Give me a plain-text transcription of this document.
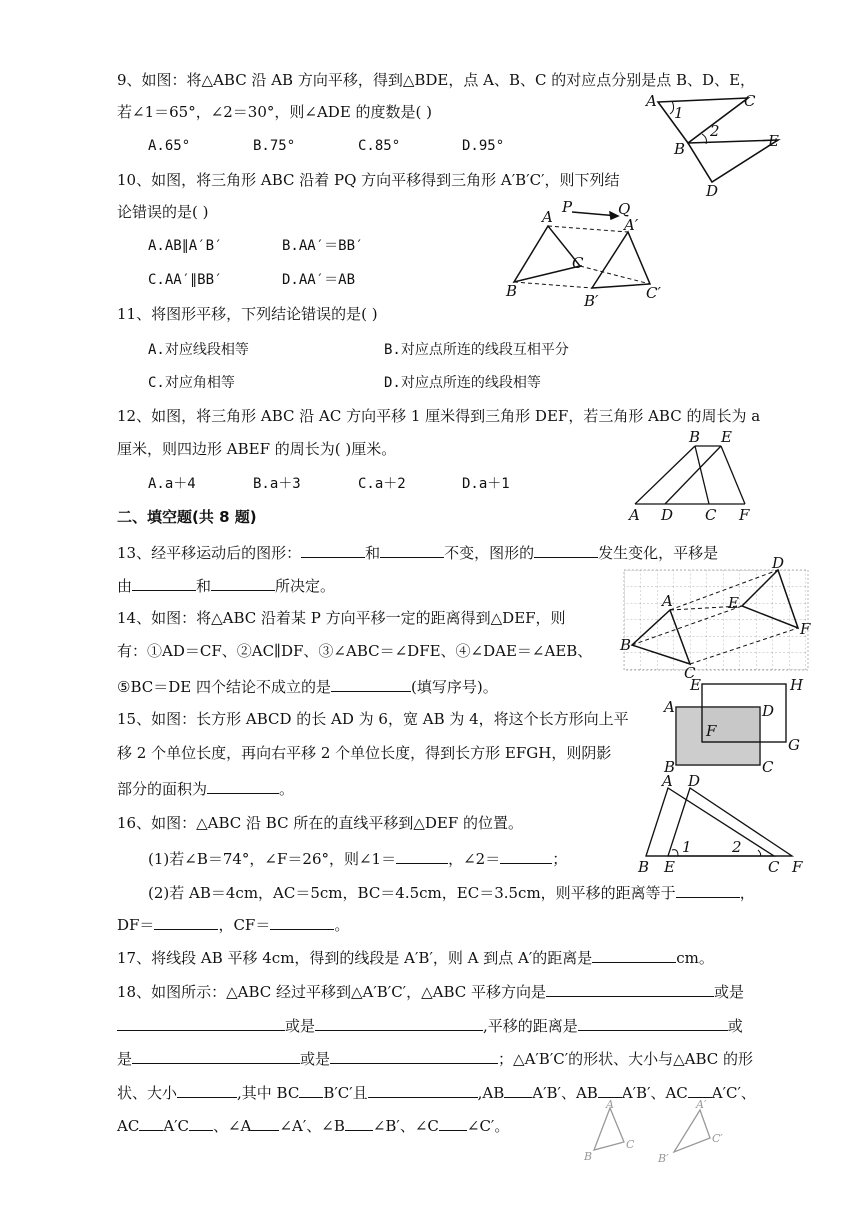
9、如图：将△ABC 沿 AB 方向平移，得到△BDE，点 A、B、C 的对应点分别是点 B、D、E，
若∠1＝65°，∠2＝30°，则∠ADE 的度数是( )
A.65°	B.75°	C.85°	D.95°
A	C
1
2
B	E
D
10、如图，将三角形 ABC 沿着 PQ 方向平移得到三角形 A′B′C′，则下列结
论错误的是( )
A.AB∥A′B′	B.AA′＝BB′
C.AA′∥BB′	D.AA′＝AB
P	Q
A	A′
C
B
B′	C′
11、将图形平移，下列结论错误的是( )
A.对应线段相等	B.对应点所连的线段互相平分
C.对应角相等	D.对应点所连的线段相等
12、如图，将三角形 ABC 沿 AC 方向平移 1 厘米得到三角形 DEF，若三角形 ABC 的周长为 a
厘米，则四边形 ABEF 的周长为( )厘米。
A.a＋4	B.a＋3	C.a＋2	D.a＋1
A D C F
B E
二、填空题(共 8 题)
13、经平移运动后的图形：	和	不变，图形的	发生变化，平移是
由	和	所决定。
14、如图：将△ABC 沿着某 P 方向平移一定的距离得到△DEF，则
有：①AD＝CF、②AC∥DF、③∠ABC＝∠DFE、④∠DAE＝∠AEB、
⑤BC＝DE 四个结论不成立的是	(填写序号)。
A
B
C
D
E
F
15、如图：长方形 ABCD 的长 AD 为 6，宽 AB 为 4，将这个长方形向上平
移 2 个单位长度，再向右平移 2 个单位长度，得到长方形 EFGH，则阴影
部分的面积为	。
E	H
A	D
F
G
B	C
16、如图：△ABC 沿 BC 所在的直线平移到△DEF 的位置。
(1)若∠B＝74°，∠F＝26°，则∠1＝	，∠2＝	；
(2)若 AB＝4cm，AC＝5cm，BC＝4.5cm，EC＝3.5cm，则平移的距离等于	，
DF＝	，CF＝	。
A D
B E	C F
1	2
17、将线段 AB 平移 4cm，得到的线段是 A′B′，则 A 到点 A′的距离是	cm。
18、如图所示：△ABC 经过平移到△A′B′C′，△ABC 平移方向是	或是
或是	,平移的距离是	或
是	或是	；△A′B′C′的形状、大小与△ABC 的形
状、大小	,其中 BC B′C′且	,AB A′B′、AB A′B′、AC A′C′、
AC A′C 、∠A ∠A′、∠B ∠B′、∠C ∠C′。
A
B
C
A′
B′
C′
